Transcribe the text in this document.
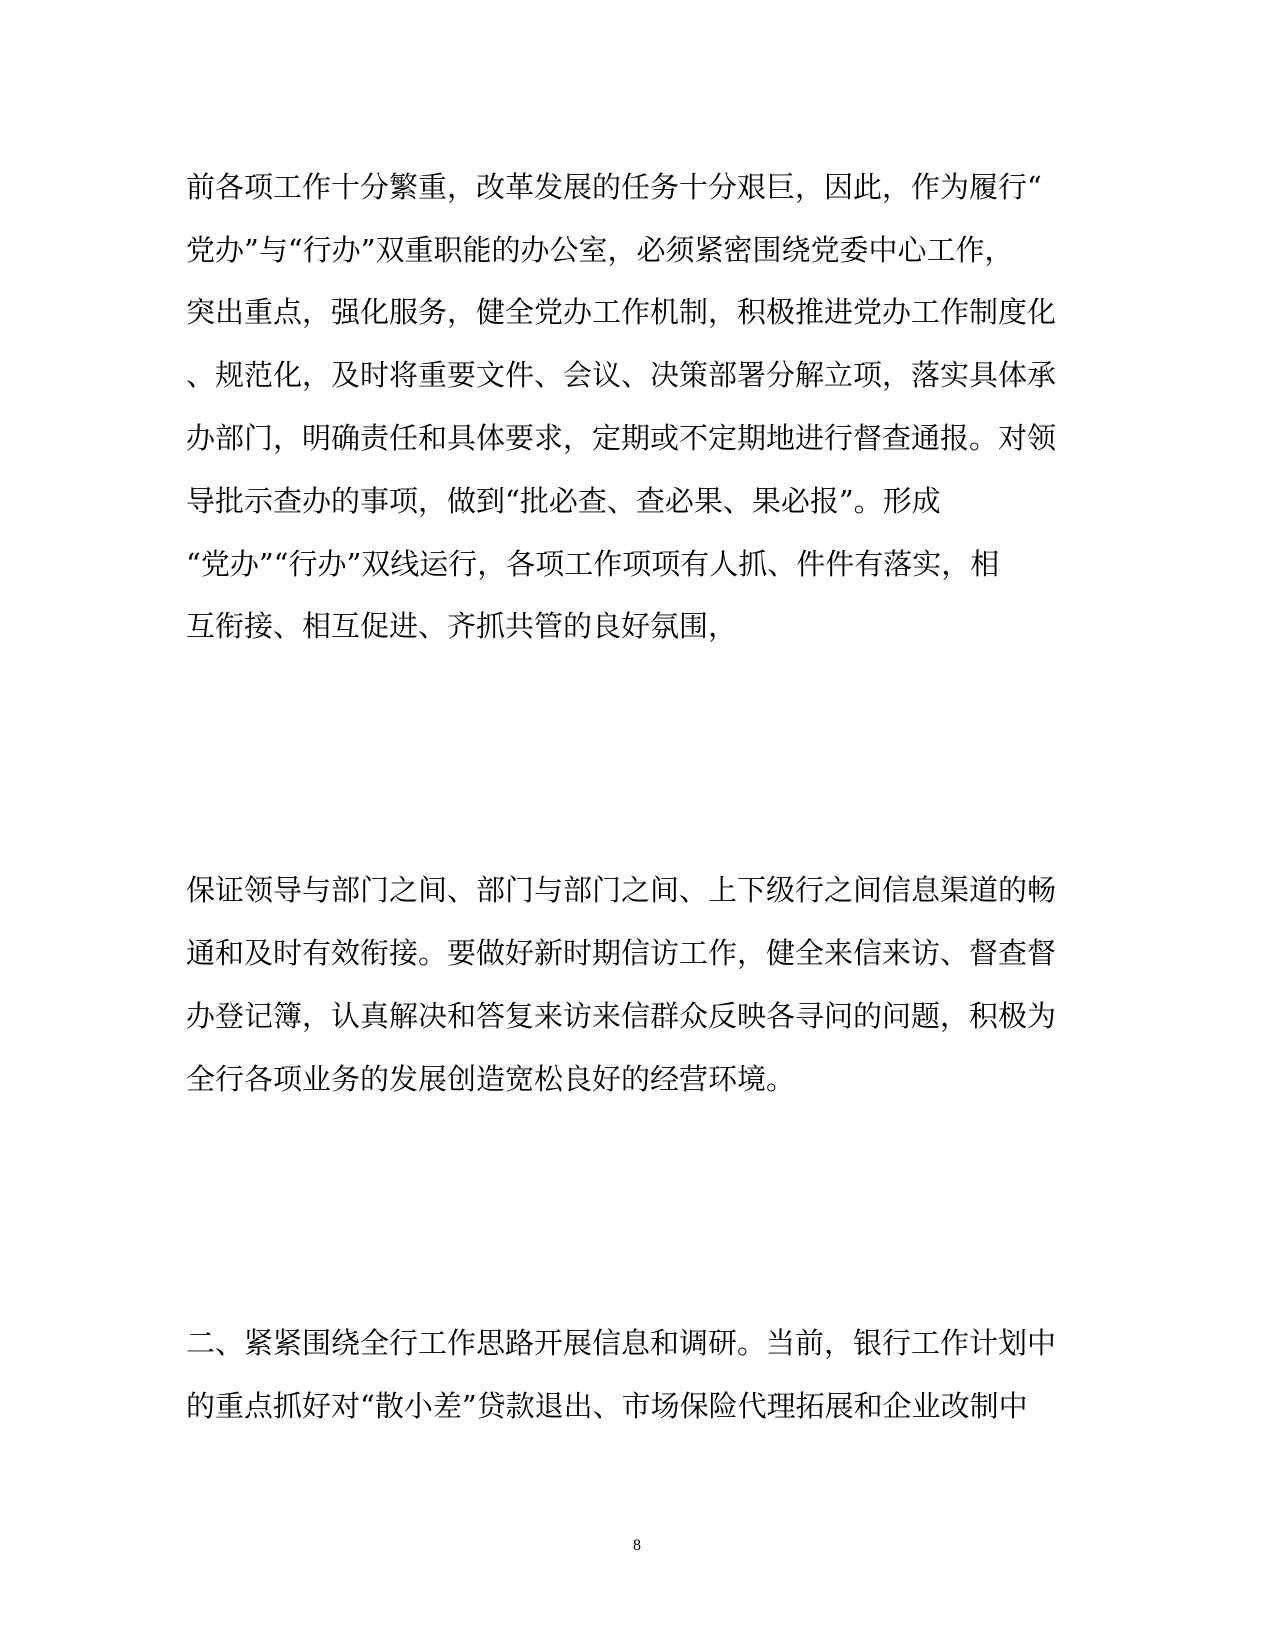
前各项工作十分繁重，改革发展的任务十分艰巨，因此，作为履行“
党办”与“行办”双重职能的办公室，必须紧密围绕党委中心工作，
突出重点，强化服务，健全党办工作机制，积极推进党办工作制度化
、规范化，及时将重要文件、会议、决策部署分解立项，落实具体承
办部门，明确责任和具体要求，定期或不定期地进行督查通报。对领
导批示查办的事项，做到“批必查、查必果、果必报”。形成
“党办”“行办”双线运行，各项工作项项有人抓、件件有落实，相
互衔接、相互促进、齐抓共管的良好氛围，
保证领导与部门之间、部门与部门之间、上下级行之间信息渠道的畅
通和及时有效衔接。要做好新时期信访工作，健全来信来访、督查督
办登记簿，认真解决和答复来访来信群众反映各寻问的问题，积极为
全行各项业务的发展创造宽松良好的经营环境。
二、紧紧围绕全行工作思路开展信息和调研。当前，银行工作计划中
的重点抓好对“散小差”贷款退出、市场保险代理拓展和企业改制中
8
